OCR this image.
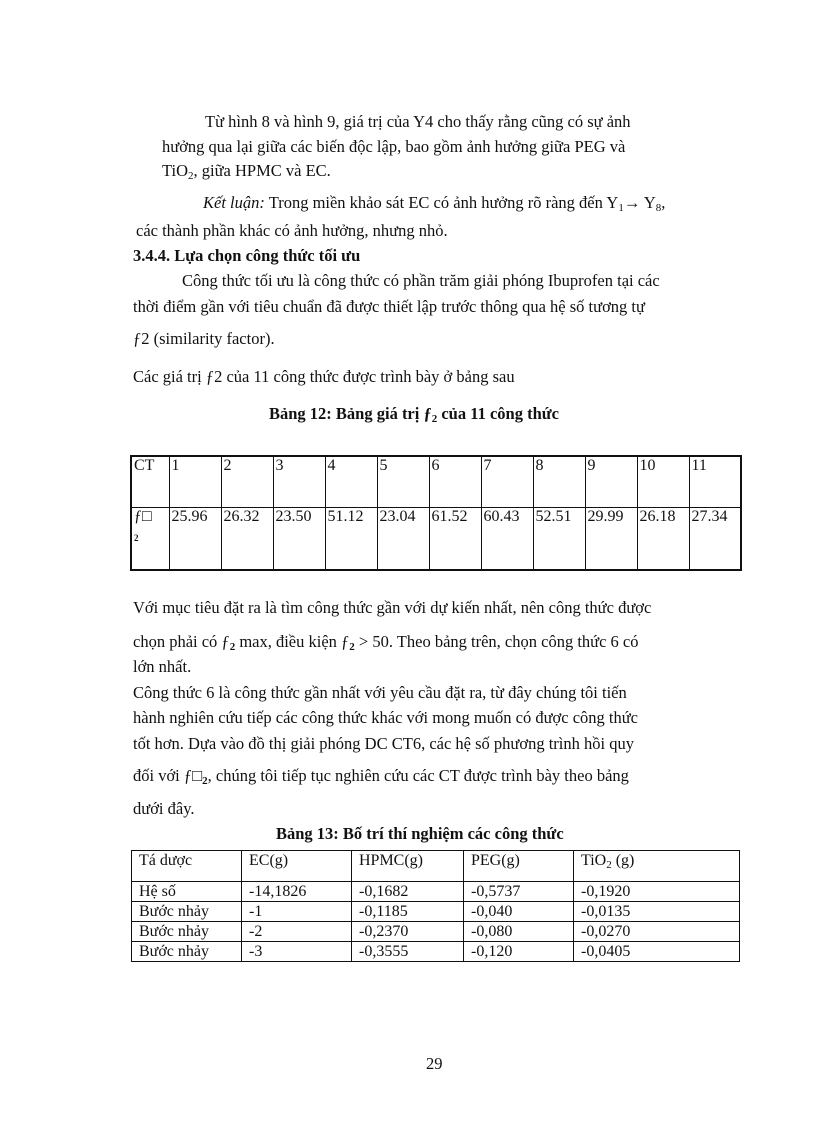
Từ hình 8 và hình 9, giá trị của Y4 cho thấy rằng cũng có sự ảnh
hưởng qua lại giữa các biến độc lập, bao gồm ảnh hưởng giữa PEG và
TiO$_2$, giữa HPMC và EC.
Kết luận: Trong miền khảo sát EC có ảnh hưởng rõ ràng đến $Y_1\to Y_8$,
các thành phần khác có ảnh hưởng, nhưng nhỏ.
3.4.4. Lựa chọn công thức tối ưu
Công thức tối ưu là công thức có phần trăm giải phóng Ibuprofen tại các
thời điểm gần với tiêu chuẩn đã được thiết lập trước thông qua hệ số tương tự
ƒ2 (similarity factor).
Các giá trị ƒ2 của 11 công thức được trình bày ở bảng sau
Bảng 12: Bảng giá trị $ƒ_2$ của 11 công thức
CT	1	2	3	4	5	6	7	8	9	10	11
ƒ□
$_2$	25.96	26.32	23.50	51.12	23.04	61.52	60.43	52.51	29.99	26.18	27.34
Với mục tiêu đặt ra là tìm công thức gần với dự kiến nhất, nên công thức được
chọn phải có $ƒ_2$ max, điều kiện $ƒ_2 > 50$. Theo bảng trên, chọn công thức 6 có
lớn nhất.
Công thức 6 là công thức gần nhất với yêu cầu đặt ra, từ đây chúng tôi tiến
hành nghiên cứu tiếp các công thức khác với mong muốn có được công thức
tốt hơn. Dựa vào đồ thị giải phóng DC CT6, các hệ số phương trình hồi quy
đối với $ƒ□_2$, chúng tôi tiếp tục nghiên cứu các CT được trình bày theo bảng
dưới đây.
Bảng 13: Bố trí thí nghiệm các công thức
Tá dược	EC(g)	HPMC(g)	PEG(g)	TiO$_2$ (g)
Hệ số	-14,1826	-0,1682	-0,5737	-0,1920
Bước nhảy	-1	-0,1185	-0,040	-0,0135
Bước nhảy	-2	-0,2370	-0,080	-0,0270
Bước nhảy	-3	-0,3555	-0,120	-0,0405
29
